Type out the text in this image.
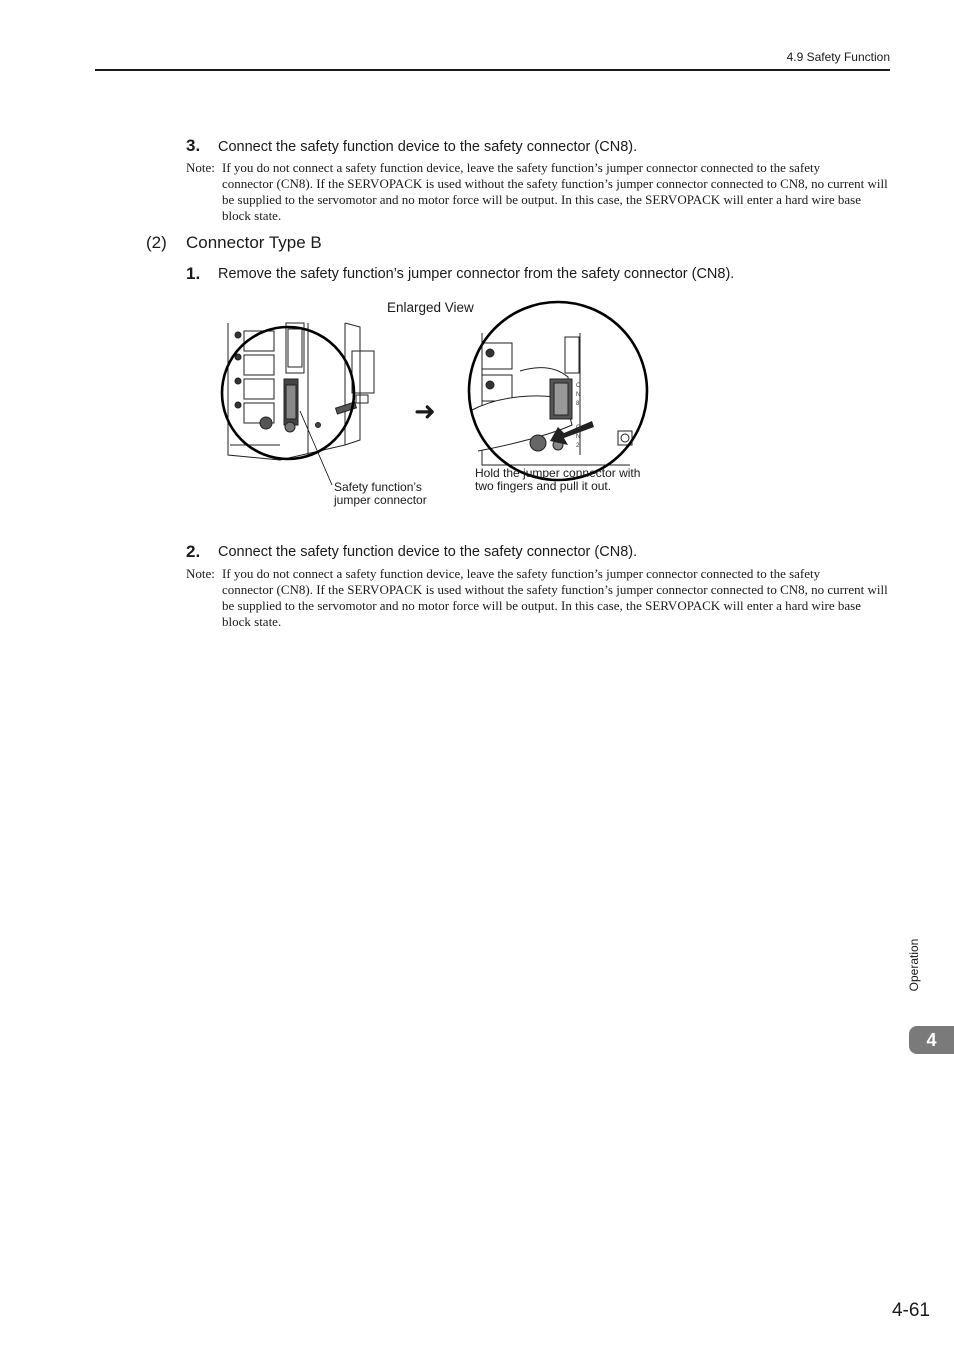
4.9 Safety Function
3. Connect the safety function device to the safety connector (CN8).
Note: If you do not connect a safety function device, leave the safety function’s jumper connector connected to the safety
connector (CN8). If the SERVOPACK is used without the safety function’s jumper connector connected to CN8, no current will be supplied to the servomotor and no motor force will be output. In this case, the SERVOPACK will enter a hard wire base block state.
(2) Connector Type B
1. Remove the safety function’s jumper connector from the safety connector (CN8).
Enlarged View
C
N
8
C
N
2
➜
Safety function’s
jumper connector
Hold the jumper connector with
two fingers and pull it out.
2. Connect the safety function device to the safety connector (CN8).
Note: If you do not connect a safety function device, leave the safety function’s jumper connector connected to the safety
connector (CN8). If the SERVOPACK is used without the safety function’s jumper connector connected to CN8, no current will be supplied to the servomotor and no motor force will be output. In this case, the SERVOPACK will enter a hard wire base block state.
Operation
4
4-61
